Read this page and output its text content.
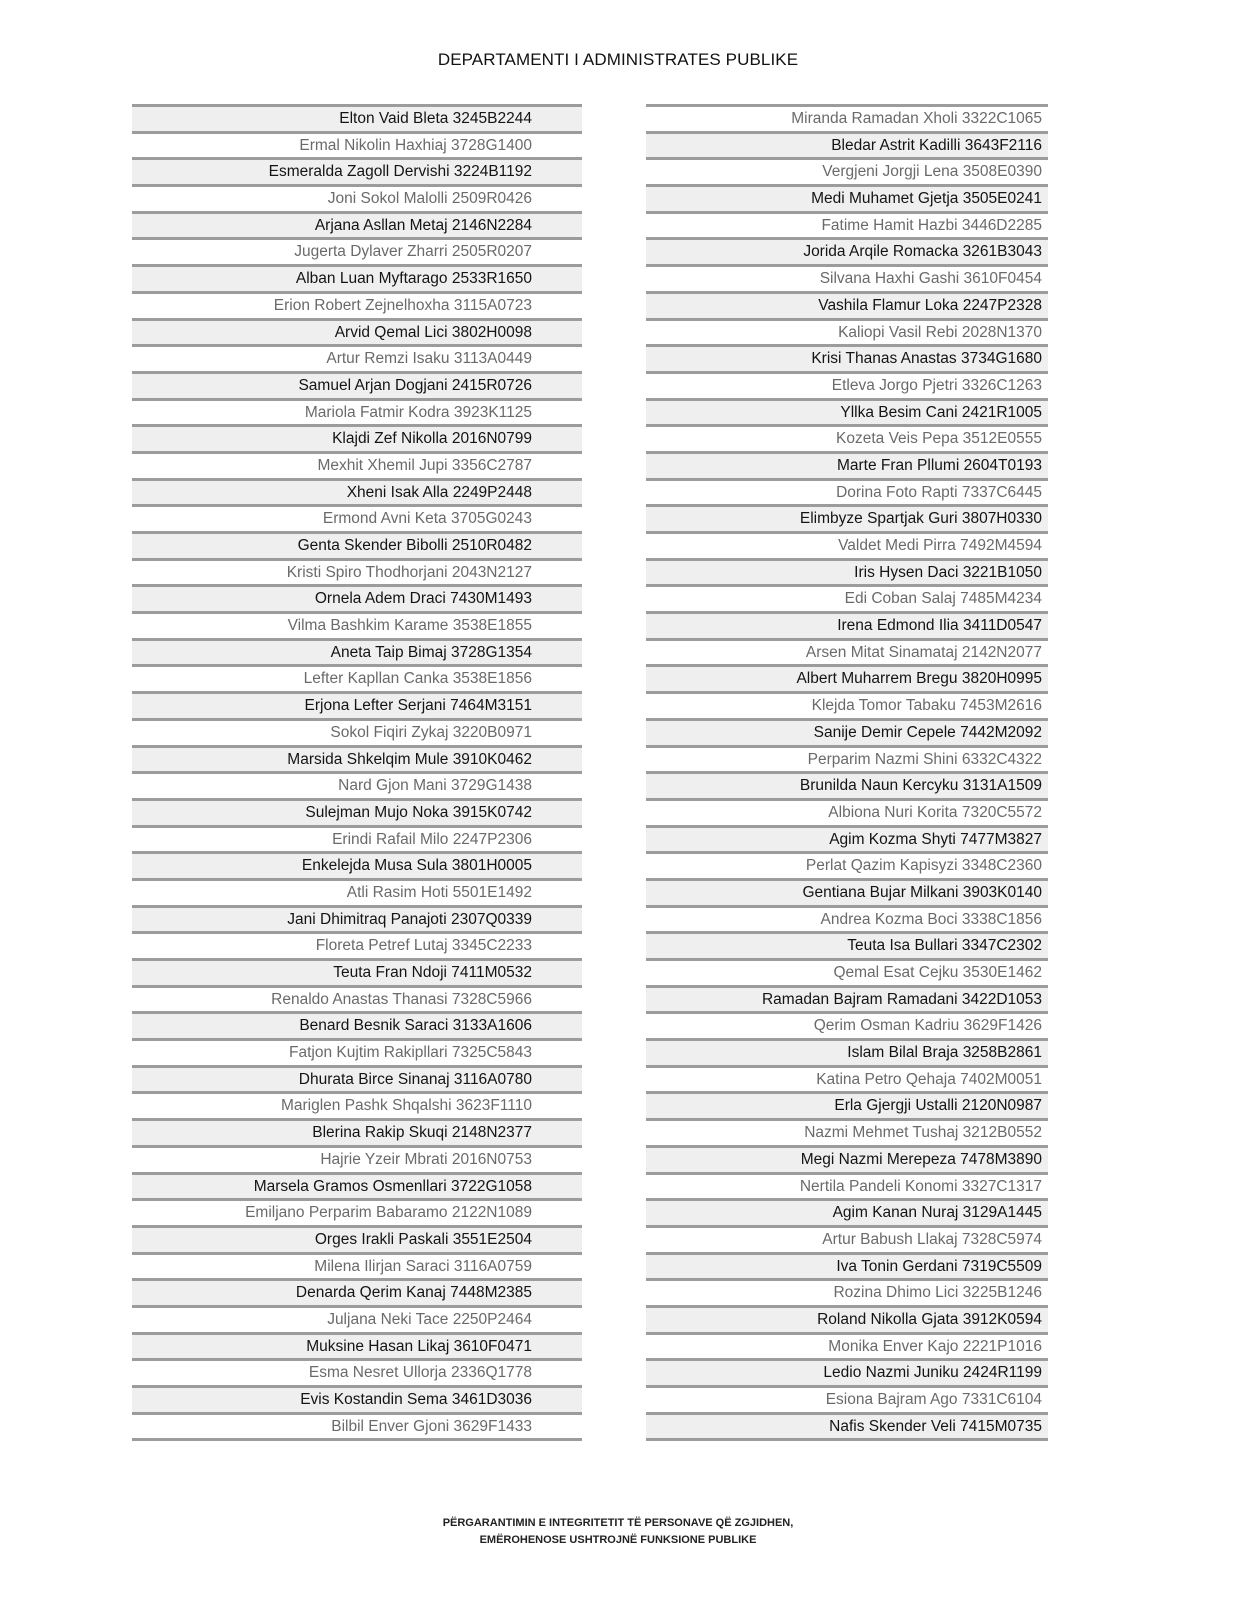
DEPARTAMENTI I ADMINISTRATES PUBLIKE
Elton Vaid Bleta 3245B2244
Ermal Nikolin Haxhiaj 3728G1400
Esmeralda Zagoll Dervishi 3224B1192
Joni Sokol Malolli 2509R0426
Arjana Asllan Metaj 2146N2284
Jugerta Dylaver Zharri 2505R0207
Alban Luan Myftarago 2533R1650
Erion Robert Zejnelhoxha 3115A0723
Arvid Qemal Lici 3802H0098
Artur Remzi Isaku 3113A0449
Samuel Arjan Dogjani 2415R0726
Mariola Fatmir Kodra 3923K1125
Klajdi Zef Nikolla 2016N0799
Mexhit Xhemil Jupi 3356C2787
Xheni Isak Alla 2249P2448
Ermond Avni Keta 3705G0243
Genta Skender Bibolli 2510R0482
Kristi Spiro Thodhorjani 2043N2127
Ornela Adem Draci 7430M1493
Vilma Bashkim Karame 3538E1855
Aneta Taip Bimaj 3728G1354
Lefter Kapllan Canka 3538E1856
Erjona Lefter Serjani 7464M3151
Sokol Fiqiri Zykaj 3220B0971
Marsida Shkelqim Mule 3910K0462
Nard Gjon Mani 3729G1438
Sulejman Mujo Noka 3915K0742
Erindi Rafail Milo 2247P2306
Enkelejda Musa Sula 3801H0005
Atli Rasim Hoti 5501E1492
Jani Dhimitraq Panajoti 2307Q0339
Floreta Petref Lutaj 3345C2233
Teuta Fran Ndoji 7411M0532
Renaldo Anastas Thanasi 7328C5966
Benard Besnik Saraci 3133A1606
Fatjon Kujtim Rakipllari 7325C5843
Dhurata Birce Sinanaj 3116A0780
Mariglen Pashk Shqalshi 3623F1110
Blerina Rakip Skuqi 2148N2377
Hajrie Yzeir Mbrati 2016N0753
Marsela Gramos Osmenllari 3722G1058
Emiljano Perparim Babaramo 2122N1089
Orges Irakli Paskali 3551E2504
Milena Ilirjan Saraci 3116A0759
Denarda Qerim Kanaj 7448M2385
Juljana Neki Tace 2250P2464
Muksine Hasan Likaj 3610F0471
Esma Nesret Ullorja 2336Q1778
Evis Kostandin Sema 3461D3036
Bilbil Enver Gjoni 3629F1433
Miranda Ramadan Xholi 3322C1065
Bledar Astrit Kadilli 3643F2116
Vergjeni Jorgji Lena 3508E0390
Medi Muhamet Gjetja 3505E0241
Fatime Hamit Hazbi 3446D2285
Jorida Arqile Romacka 3261B3043
Silvana Haxhi Gashi 3610F0454
Vashila Flamur Loka 2247P2328
Kaliopi Vasil Rebi 2028N1370
Krisi Thanas Anastas 3734G1680
Etleva Jorgo Pjetri 3326C1263
Yllka Besim Cani 2421R1005
Kozeta Veis Pepa 3512E0555
Marte Fran Pllumi 2604T0193
Dorina Foto Rapti 7337C6445
Elimbyze Spartjak Guri 3807H0330
Valdet Medi Pirra 7492M4594
Iris Hysen Daci 3221B1050
Edi Coban Salaj 7485M4234
Irena Edmond Ilia 3411D0547
Arsen Mitat Sinamataj 2142N2077
Albert Muharrem Bregu 3820H0995
Klejda Tomor Tabaku 7453M2616
Sanije Demir Cepele 7442M2092
Perparim Nazmi Shini 6332C4322
Brunilda Naun Kercyku 3131A1509
Albiona Nuri Korita 7320C5572
Agim Kozma Shyti 7477M3827
Perlat Qazim Kapisyzi 3348C2360
Gentiana Bujar Milkani 3903K0140
Andrea Kozma Boci 3338C1856
Teuta Isa Bullari 3347C2302
Qemal Esat Cejku 3530E1462
Ramadan Bajram Ramadani 3422D1053
Qerim Osman Kadriu 3629F1426
Islam Bilal Braja 3258B2861
Katina Petro Qehaja 7402M0051
Erla Gjergji Ustalli 2120N0987
Nazmi Mehmet Tushaj 3212B0552
Megi Nazmi Merepeza 7478M3890
Nertila Pandeli Konomi 3327C1317
Agim Kanan Nuraj 3129A1445
Artur Babush Llakaj 7328C5974
Iva Tonin Gerdani 7319C5509
Rozina Dhimo Lici 3225B1246
Roland Nikolla Gjata 3912K0594
Monika Enver Kajo 2221P1016
Ledio Nazmi Juniku 2424R1199
Esiona Bajram Ago 7331C6104
Nafis Skender Veli 7415M0735
PËRGARANTIMIN E INTEGRITETIT TË PERSONAVE QË ZGJIDHEN,
EMËROHENOSE USHTROJNË FUNKSIONE PUBLIKE
